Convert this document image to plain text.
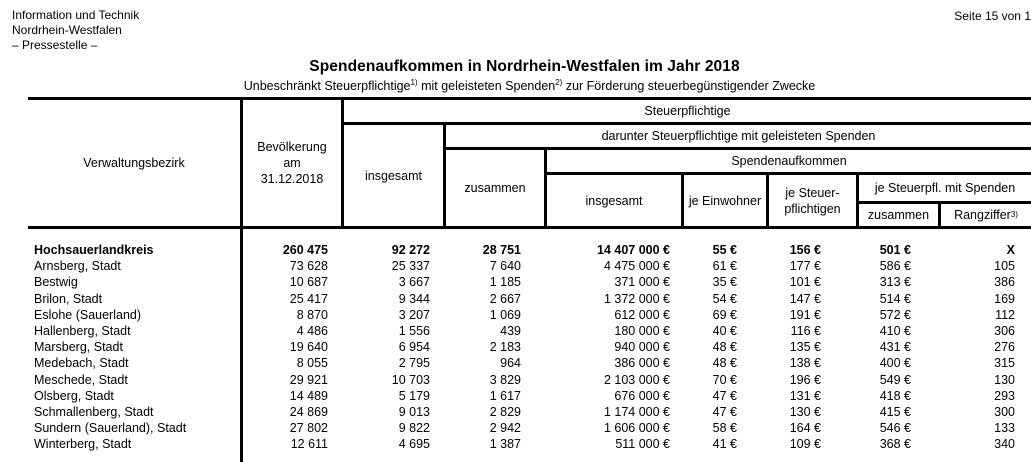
Information und Technik
Nordrhein-Westfalen
– Pressestelle –
Seite 15 von 1
Spendenaufkommen in Nordrhein-Westfalen im Jahr 2018
Unbeschränkt Steuerpflichtige$^{1)}$ mit geleisteten Spenden$^{2)}$ zur Förderung steuerbegünstigender Zwecke
Verwaltungsbezirk
Bevölkerung
am
31.12.2018
Steuerpflichtige
insgesamt
darunter Steuerpflichtige mit geleisteten Spenden
zusammen
Spendenaufkommen
insgesamt	je Einwohner
je Steuer-
pflichtigen
je Steuerpfl. mit Spenden
zusammen Rangziffer 3)
Hochsauerlandkreis	260 475	92 272	28 751	14 407 000 €	55 €	156 €	501 €	X
Arnsberg, Stadt	73 628	25 337	7 640	4 475 000 €	61 €	177 €	586 €	105
Bestwig	10 687	3 667	1 185	371 000 €	35 €	101 €	313 €	386
Brilon, Stadt	25 417	9 344	2 667	1 372 000 €	54 €	147 €	514 €	169
Eslohe (Sauerland)	8 870	3 207	1 069	612 000 €	69 €	191 €	572 €	112
Hallenberg, Stadt	4 486	1 556	439	180 000 €	40 €	116 €	410 €	306
Marsberg, Stadt	19 640	6 954	2 183	940 000 €	48 €	135 €	431 €	276
Medebach, Stadt	8 055	2 795	964	386 000 €	48 €	138 €	400 €	315
Meschede, Stadt	29 921	10 703	3 829	2 103 000 €	70 €	196 €	549 €	130
Olsberg, Stadt	14 489	5 179	1 617	676 000 €	47 €	131 €	418 €	293
Schmallenberg, Stadt	24 869	9 013	2 829	1 174 000 €	47 €	130 €	415 €	300
Sundern (Sauerland), Stadt	27 802	9 822	2 942	1 606 000 €	58 €	164 €	546 €	133
Winterberg, Stadt	12 611	4 695	1 387	511 000 €	41 €	109 €	368 €	340
